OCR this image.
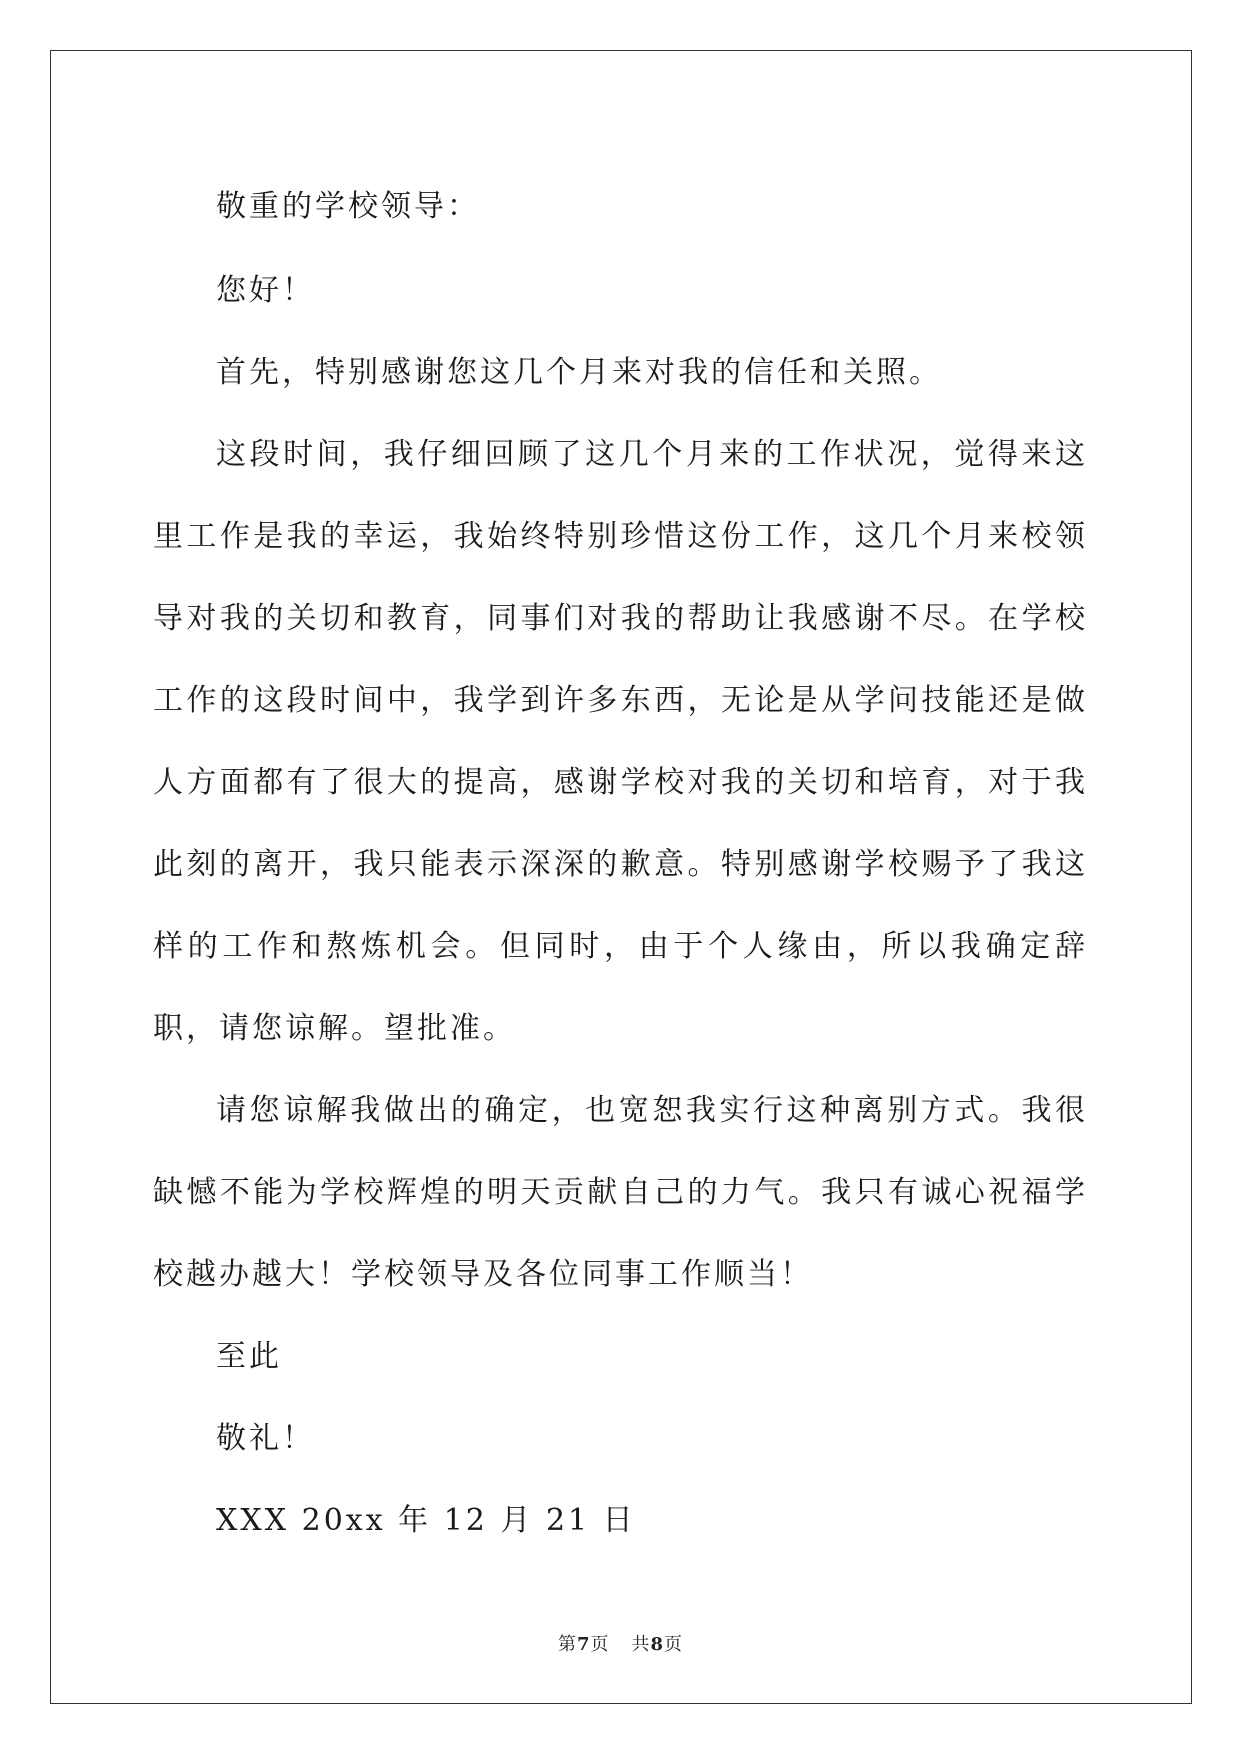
敬重的学校领导：

您好！

首先，特别感谢您这几个月来对我的信任和关照。

这段时间，我仔细回顾了这几个月来的工作状况，觉得来这里工作是我的幸运，我始终特别珍惜这份工作，这几个月来校领导对我的关切和教育，同事们对我的帮助让我感谢不尽。在学校工作的这段时间中，我学到许多东西，无论是从学问技能还是做人方面都有了很大的提高，感谢学校对我的关切和培育，对于我此刻的离开，我只能表示深深的歉意。特别感谢学校赐予了我这样的工作和熬炼机会。但同时，由于个人缘由，所以我确定辞职，请您谅解。望批准。

请您谅解我做出的确定，也宽恕我实行这种离别方式。我很缺憾不能为学校辉煌的明天贡献自己的力气。我只有诚心祝福学校越办越大！学校领导及各位同事工作顺当！

至此

敬礼！

XXX 20xx 年 12 月 21 日

第7页 共8页
